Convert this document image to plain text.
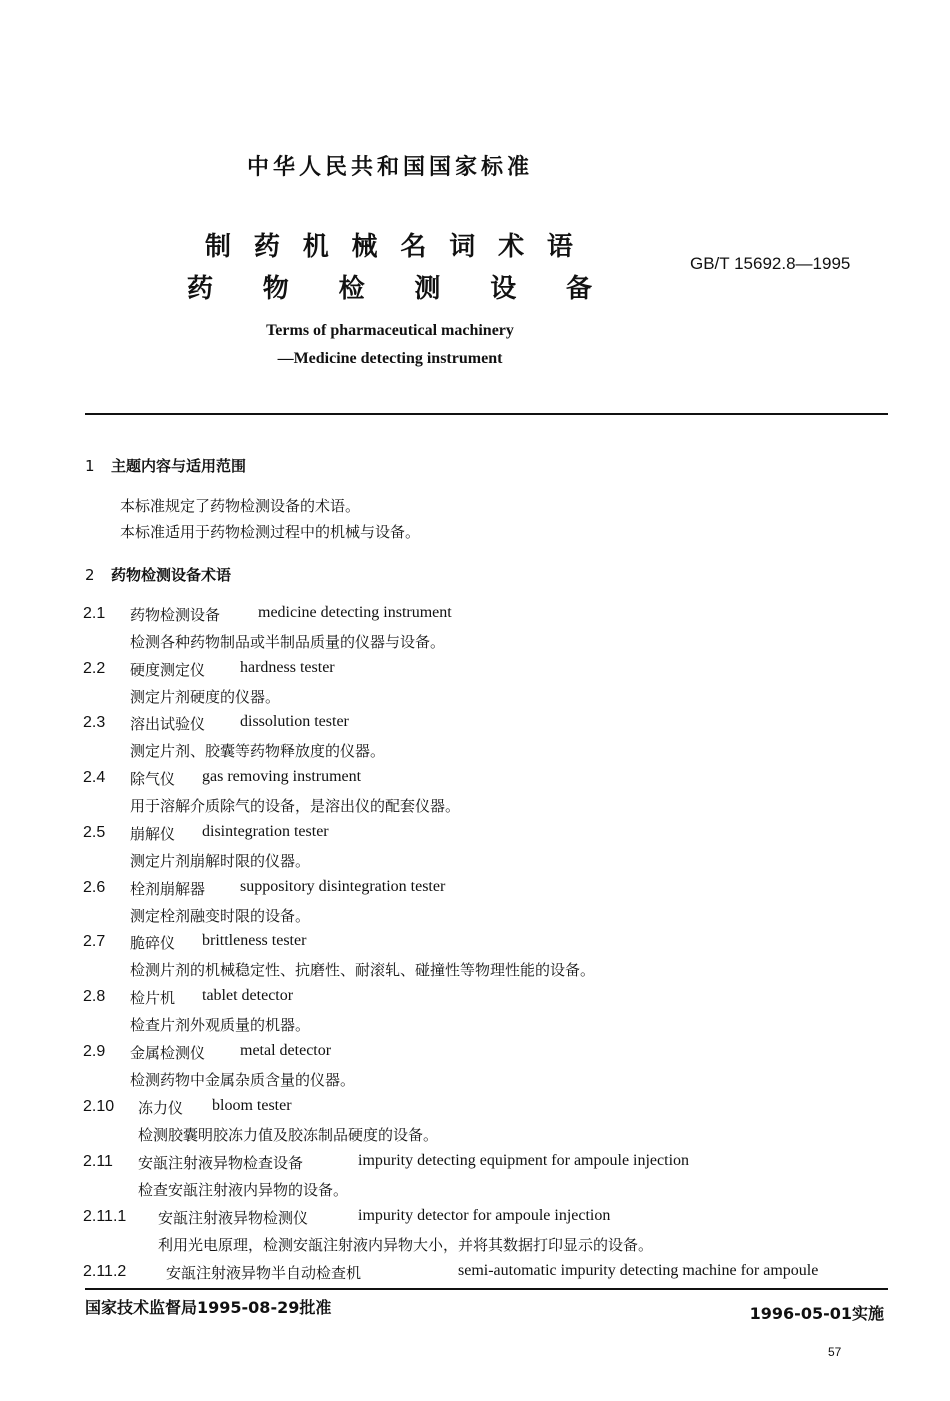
中华人民共和国国家标准
制 药 机 械 名 词 术 语
药 物 检 测 设 备
GB/T 15692.8—1995
Terms of pharmaceutical machinery
—Medicine detecting instrument
1 主题内容与适用范围
本标准规定了药物检测设备的术语。
本标准适用于药物检测过程中的机械与设备。
2 药物检测设备术语
2.1 药物检测设备 medicine detecting instrument
检测各种药物制品或半制品质量的仪器与设备。
2.2 硬度测定仪 hardness tester
测定片剂硬度的仪器。
2.3 溶出试验仪 dissolution tester
测定片剂、胶囊等药物释放度的仪器。
2.4 除气仪 gas removing instrument
用于溶解介质除气的设备，是溶出仪的配套仪器。
2.5 崩解仪 disintegration tester
测定片剂崩解时限的仪器。
2.6 栓剂崩解器 suppository disintegration tester
测定栓剂融变时限的设备。
2.7 脆碎仪 brittleness tester
检测片剂的机械稳定性、抗磨性、耐滚轧、碰撞性等物理性能的设备。
2.8 检片机 tablet detector
检查片剂外观质量的机器。
2.9 金属检测仪 metal detector
检测药物中金属杂质含量的仪器。
2.10 冻力仪 bloom tester
检测胶囊明胶冻力值及胶冻制品硬度的设备。
2.11 安瓿注射液异物检查设备	impurity detecting equipment for ampoule injection
检查安瓿注射液内异物的设备。
2.11.1 安瓿注射液异物检测仪	impurity detector for ampoule injection
利用光电原理，检测安瓿注射液内异物大小，并将其数据打印显示的设备。
2.11.2	安瓿注射液异物半自动检查机	semi-automatic impurity detecting machine for ampoule
国家技术监督局1995-08-29批准	1996-05-01实施
57
